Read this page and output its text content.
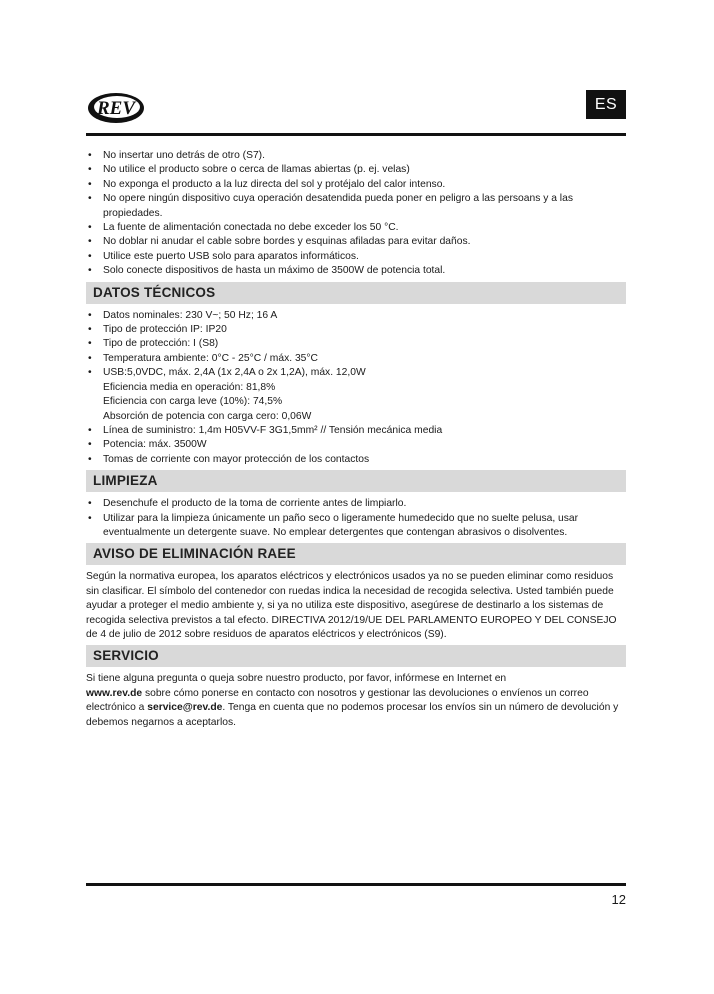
REV	ES
• No insertar uno detrás de otro (S7).
• No utilice el producto sobre o cerca de llamas abiertas (p. ej. velas)
• No exponga el producto a la luz directa del sol y protéjalo del calor intenso.
• No opere ningún dispositivo cuya operación desatendida pueda poner en peligro a las persoans y a las propiedades.
• La fuente de alimentación conectada no debe exceder los 50 °C.
• No doblar ni anudar el cable sobre bordes y esquinas afiladas para evitar daños.
• Utilice este puerto USB solo para aparatos informáticos.
• Solo conecte dispositivos de hasta un máximo de 3500W de potencia total.
DATOS TÉCNICOS
• Datos nominales: 230 V~; 50 Hz; 16 A
• Tipo de protección IP: IP20
• Tipo de protección: I (S8)
• Temperatura ambiente: 0°C - 25°C / máx. 35°C
• USB:5,0VDC, máx. 2,4A (1x 2,4A o 2x 1,2A), máx. 12,0W
Eficiencia media en operación: 81,8%
Eficiencia con carga leve (10%): 74,5%
Absorción de potencia con carga cero: 0,06W
• Línea de suministro: 1,4m H05VV-F 3G1,5mm² // Tensión mecánica media
• Potencia: máx. 3500W
• Tomas de corriente con mayor protección de los contactos
LIMPIEZA
• Desenchufe el producto de la toma de corriente antes de limpiarlo.
• Utilizar para la limpieza únicamente un paño seco o ligeramente humedecido que no suelte pelusa, usar eventualmente un detergente suave. No emplear detergentes que contengan abrasivos o disolventes.
AVISO DE ELIMINACIÓN RAEE

Según la normativa europea, los aparatos eléctricos y electrónicos usados ya no se pueden eliminar como residuos sin clasificar. El símbolo del contenedor con ruedas indica la necesidad de recogida selectiva. Usted también puede ayudar a proteger el medio ambiente y, si ya no utiliza este dispositivo, asegúrese de destinarlo a los sistemas de recogida selectiva previstos a tal efecto. DIRECTIVA 2012/19/UE DEL PARLAMENTO EUROPEO Y DEL CONSEJO de 4 de julio de 2012 sobre residuos de aparatos eléctricos y electrónicos (S9).

SERVICIO

Si tiene alguna pregunta o queja sobre nuestro producto, por favor, infórmese en Internet en
www.rev.de sobre cómo ponerse en contacto con nosotros y gestionar las devoluciones o envíenos un correo electrónico a service@rev.de. Tenga en cuenta que no podemos procesar los envíos sin un número de devolución y debemos negarnos a aceptarlos.

12
